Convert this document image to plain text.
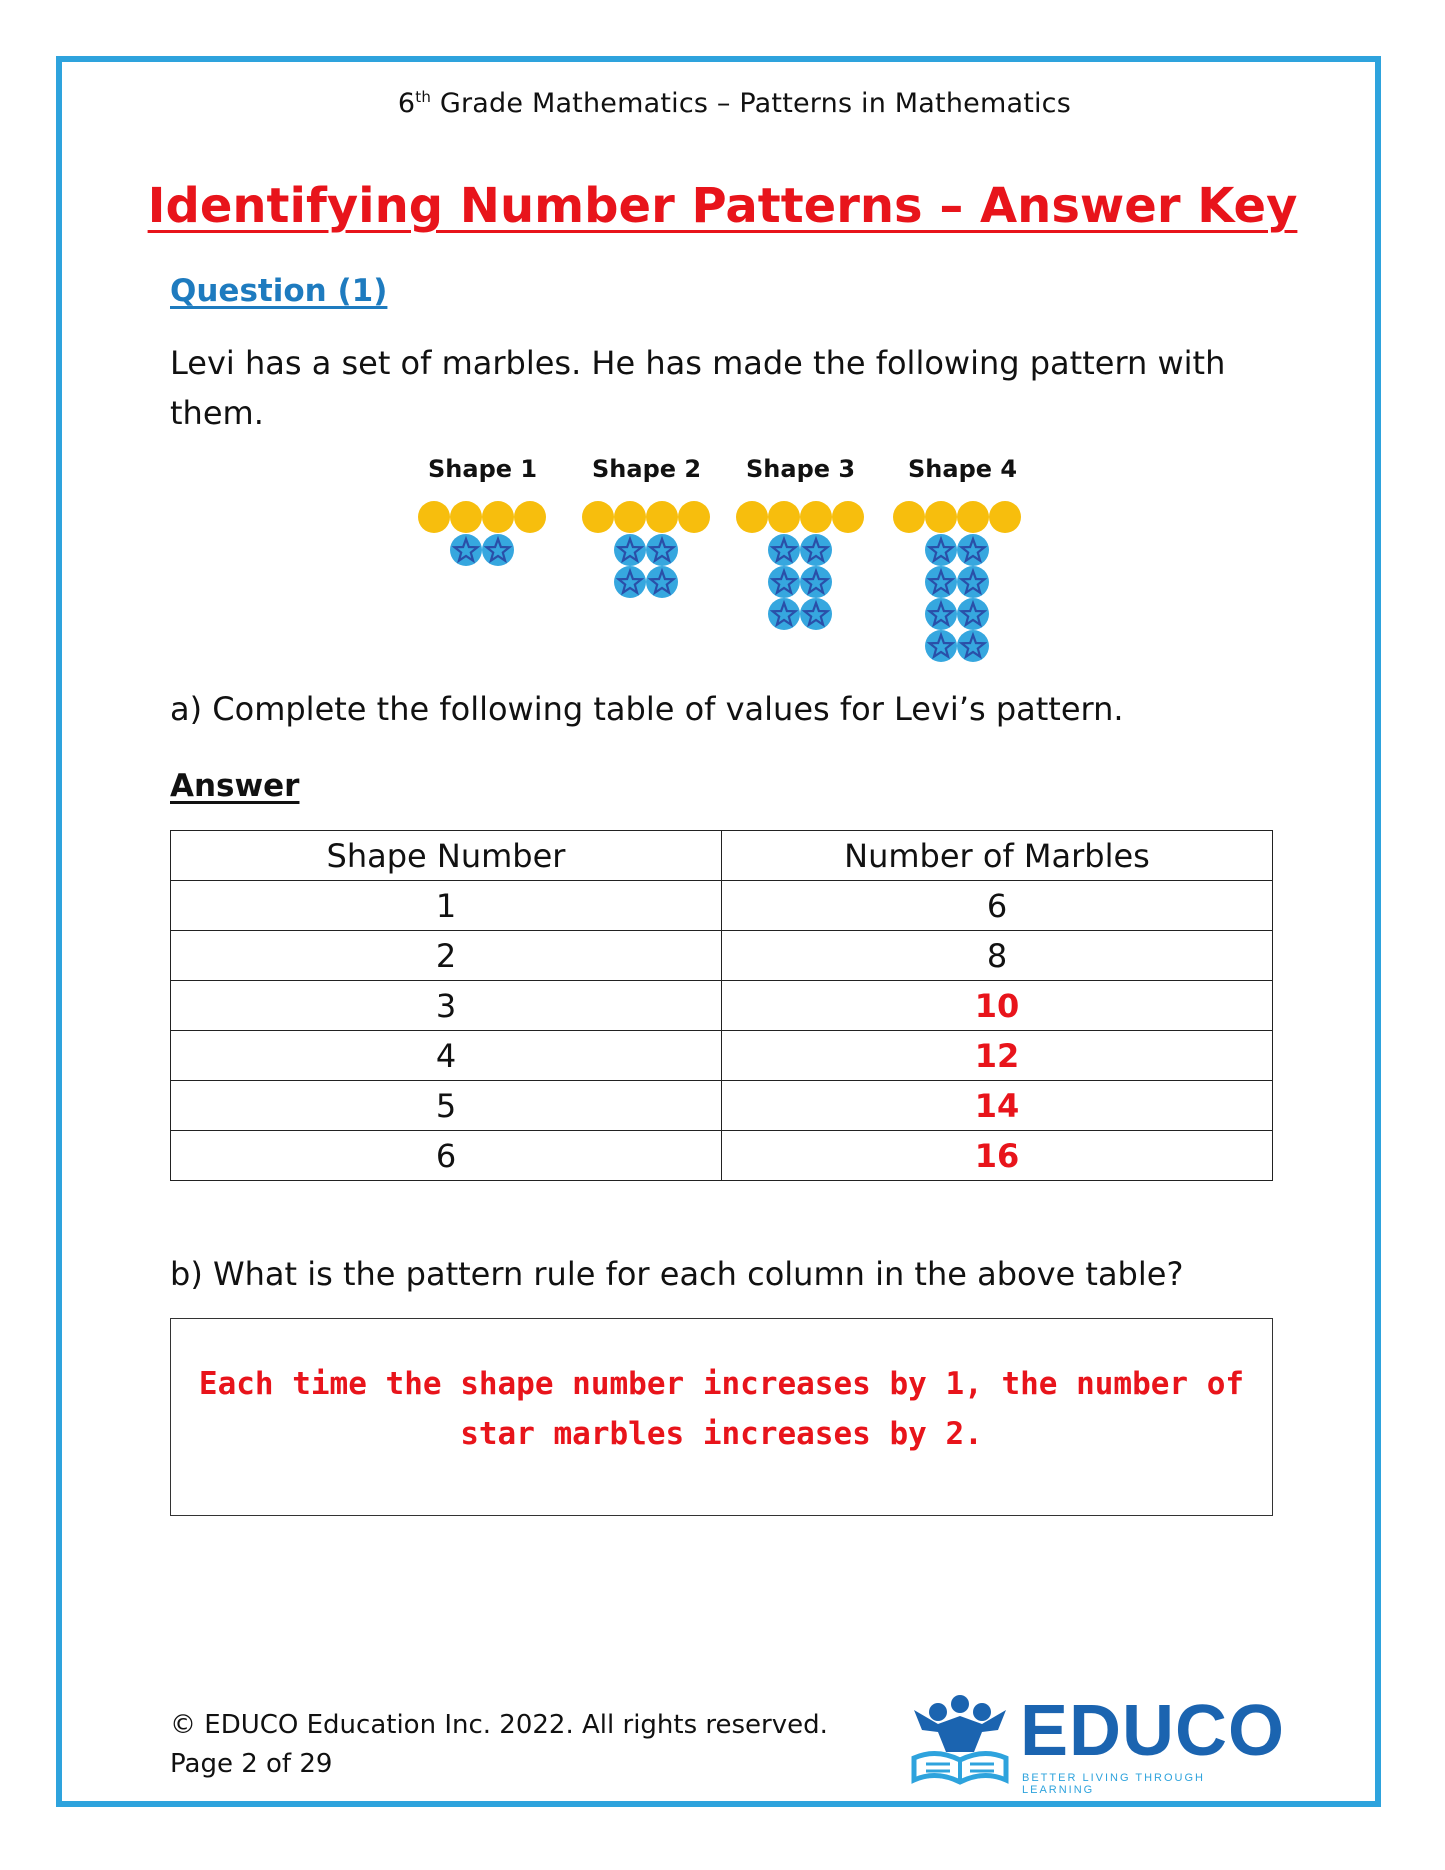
6th Grade Mathematics – Patterns in Mathematics
Identifying Number Patterns – Answer Key
Question (1)
Levi has a set of marbles. He has made the following pattern with them.
Shape 1 Shape 2 Shape 3 Shape 4
a) Complete the following table of values for Levi’s pattern.
Answer
Shape Number	Number of Marbles
1	6
2	8
3	10
4	12
5	14
6	16
b) What is the pattern rule for each column in the above table?
Each time the shape number increases by 1, the number of star marbles increases by 2.
© EDUCO Education Inc. 2022. All rights reserved.
Page 2 of 29	EDUCO
BETTER LIVING THROUGH LEARNING
